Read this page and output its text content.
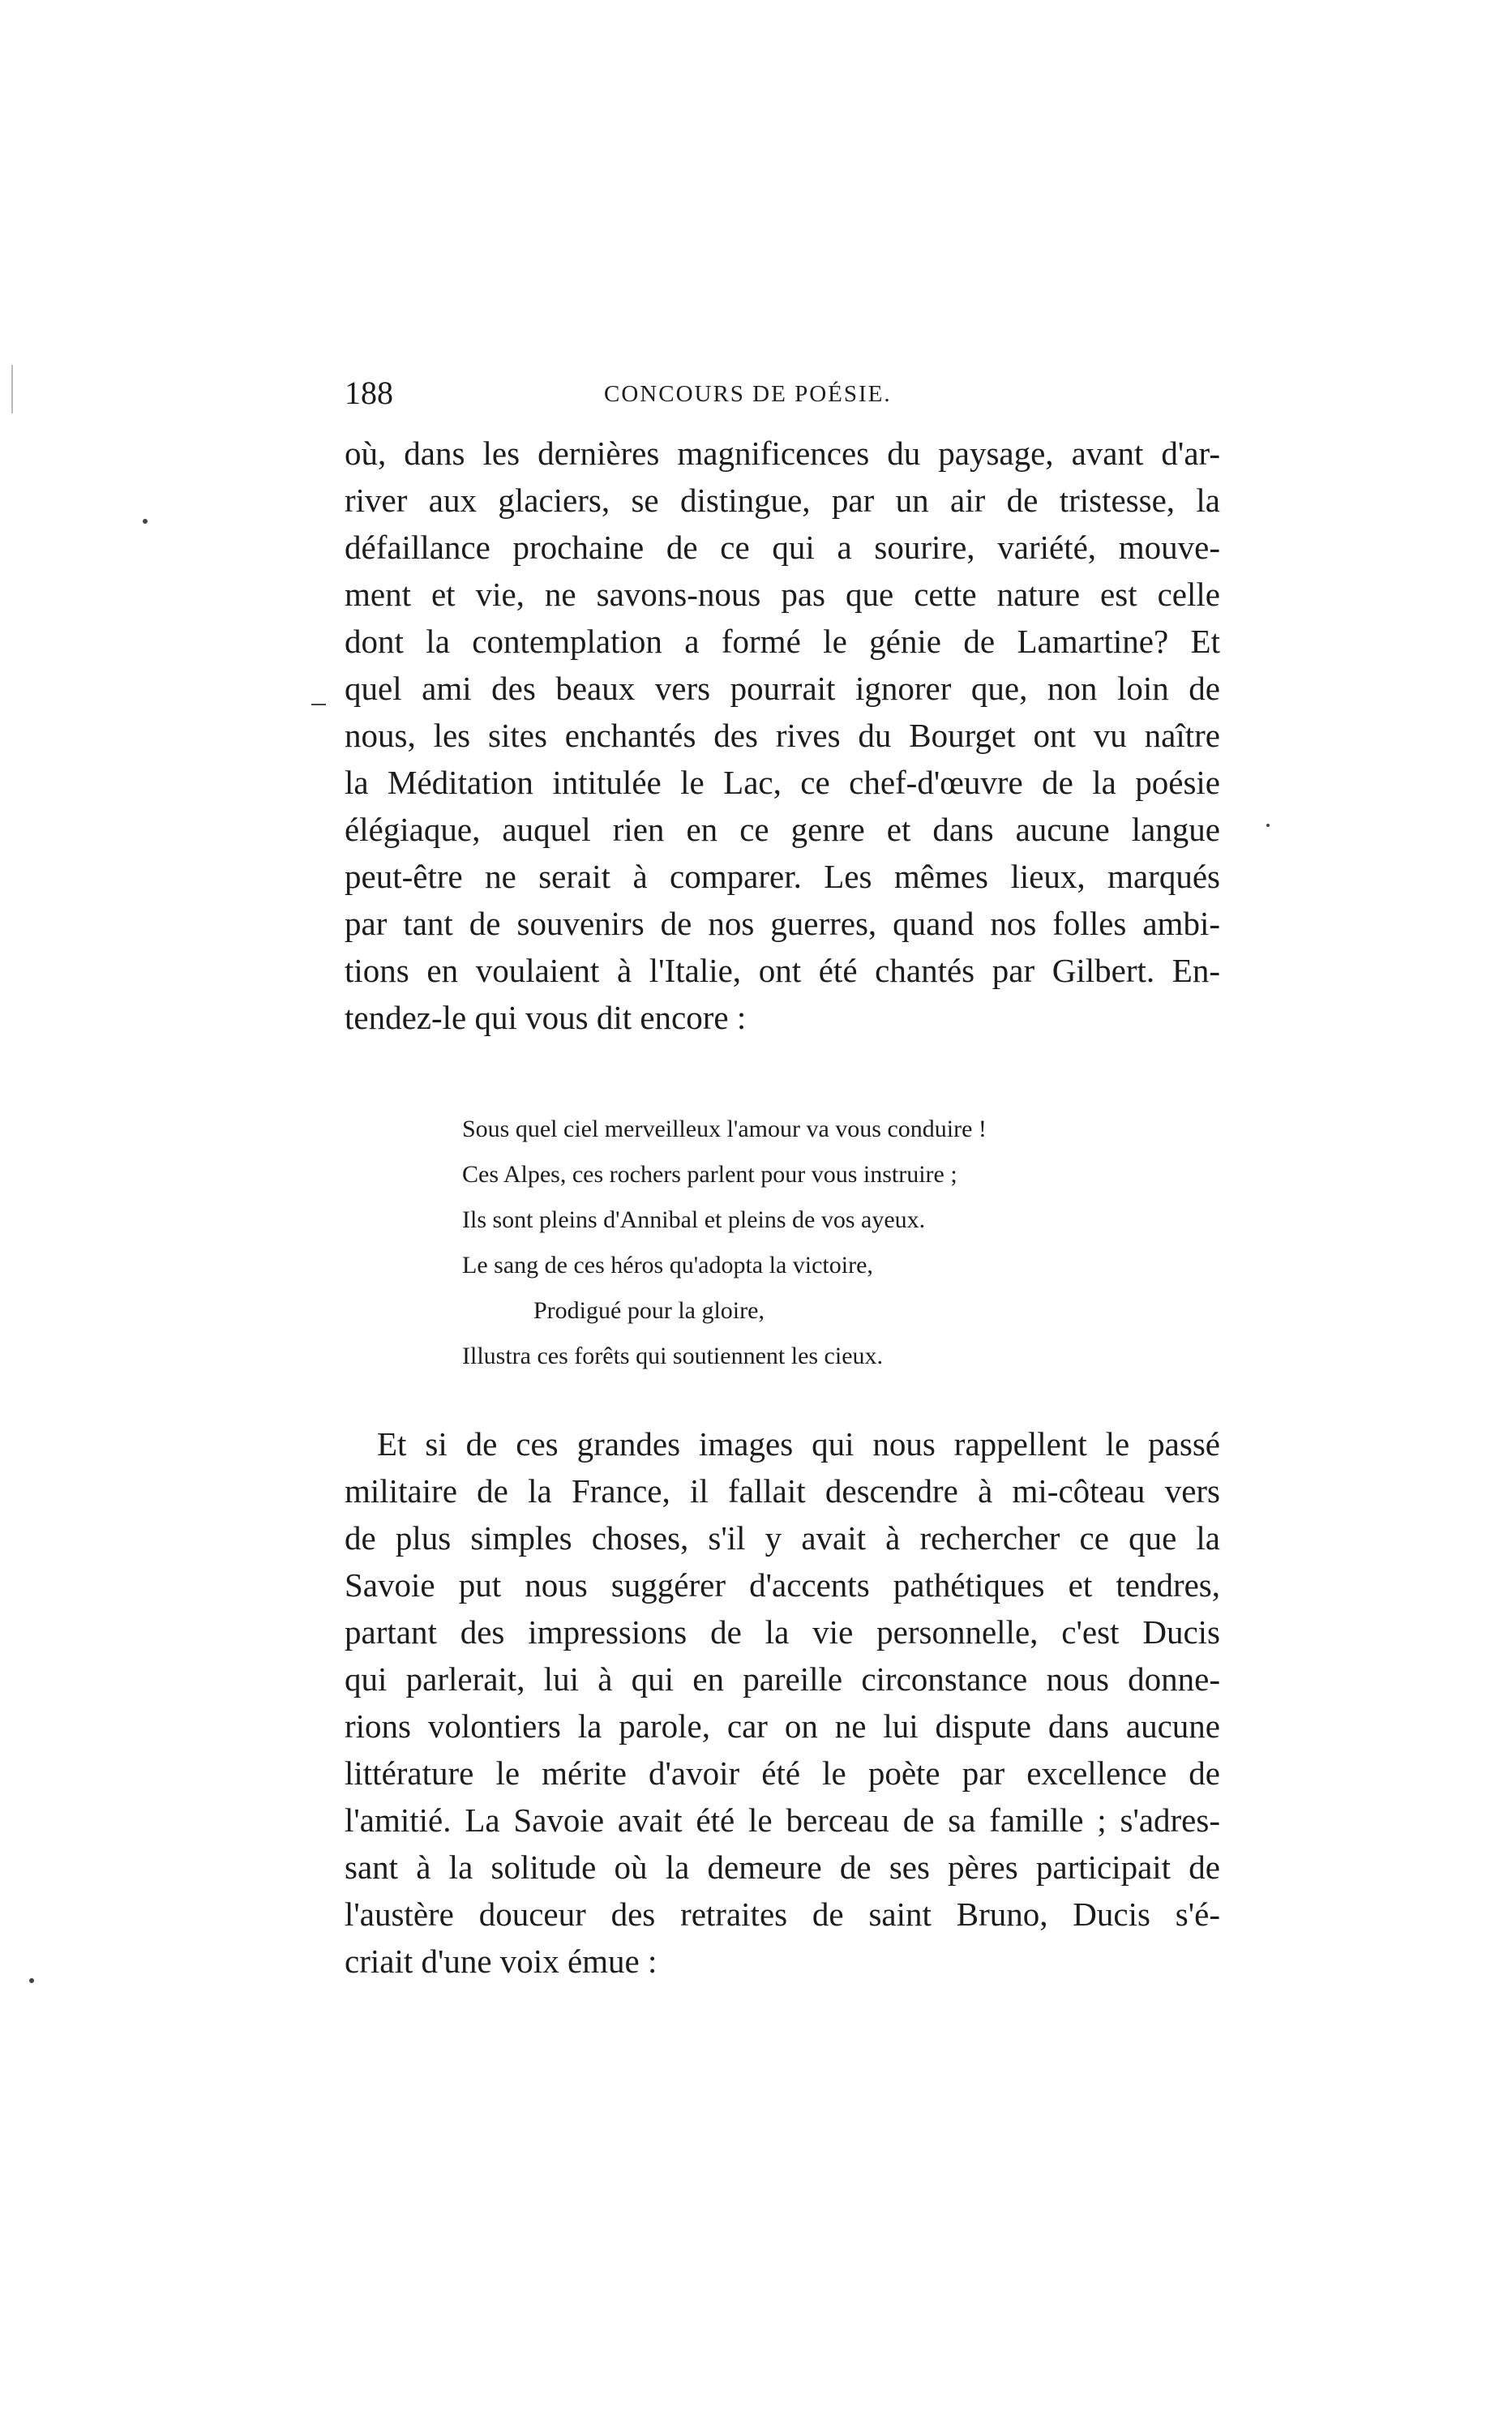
188	CONCOURS DE POÉSIE.
où, dans les dernières magnificences du paysage, avant d'ar-
river aux glaciers, se distingue, par un air de tristesse, la
défaillance prochaine de ce qui a sourire, variété, mouve-
ment et vie, ne savons-nous pas que cette nature est celle
dont la contemplation a formé le génie de Lamartine? Et
quel ami des beaux vers pourrait ignorer que, non loin de
nous, les sites enchantés des rives du Bourget ont vu naître
la Méditation intitulée le Lac, ce chef-d'œuvre de la poésie
élégiaque, auquel rien en ce genre et dans aucune langue
peut-être ne serait à comparer. Les mêmes lieux, marqués
par tant de souvenirs de nos guerres, quand nos folles ambi-
tions en voulaient à l'Italie, ont été chantés par Gilbert. En-
tendez-le qui vous dit encore :
Sous quel ciel merveilleux l'amour va vous conduire !
Ces Alpes, ces rochers parlent pour vous instruire ;
Ils sont pleins d'Annibal et pleins de vos ayeux.
Le sang de ces héros qu'adopta la victoire,
Prodigué pour la gloire,
Illustra ces forêts qui soutiennent les cieux.
Et si de ces grandes images qui nous rappellent le passé
militaire de la France, il fallait descendre à mi-côteau vers
de plus simples choses, s'il y avait à rechercher ce que la
Savoie put nous suggérer d'accents pathétiques et tendres,
partant des impressions de la vie personnelle, c'est Ducis
qui parlerait, lui à qui en pareille circonstance nous donne-
rions volontiers la parole, car on ne lui dispute dans aucune
littérature le mérite d'avoir été le poète par excellence de
l'amitié. La Savoie avait été le berceau de sa famille ; s'adres-
sant à la solitude où la demeure de ses pères participait de
l'austère douceur des retraites de saint Bruno, Ducis s'é-
criait d'une voix émue :
